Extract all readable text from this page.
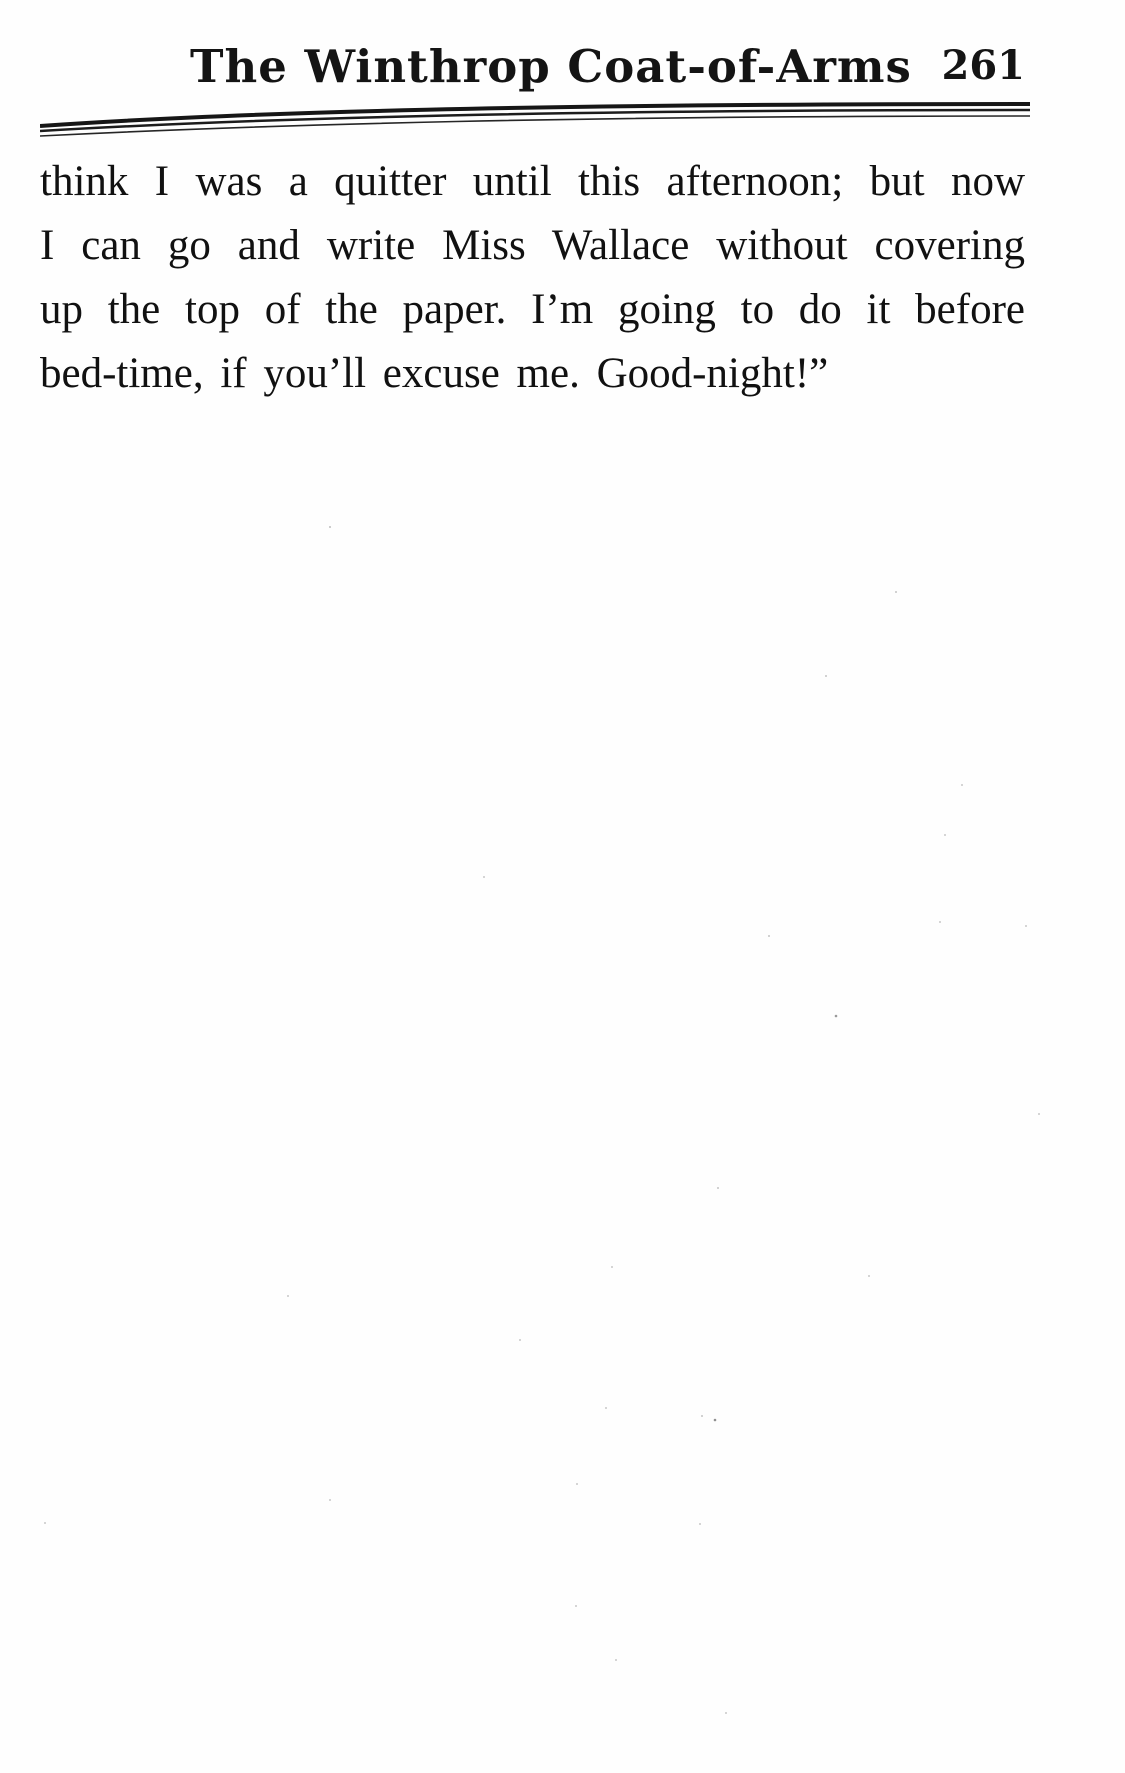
The Winthrop Coat-of-Arms 261
think I was a quitter until this afternoon; but now
I can go and write Miss Wallace without covering
up the top of the paper. I’m going to do it before
bed-time, if you’ll excuse me. Good-night!”
